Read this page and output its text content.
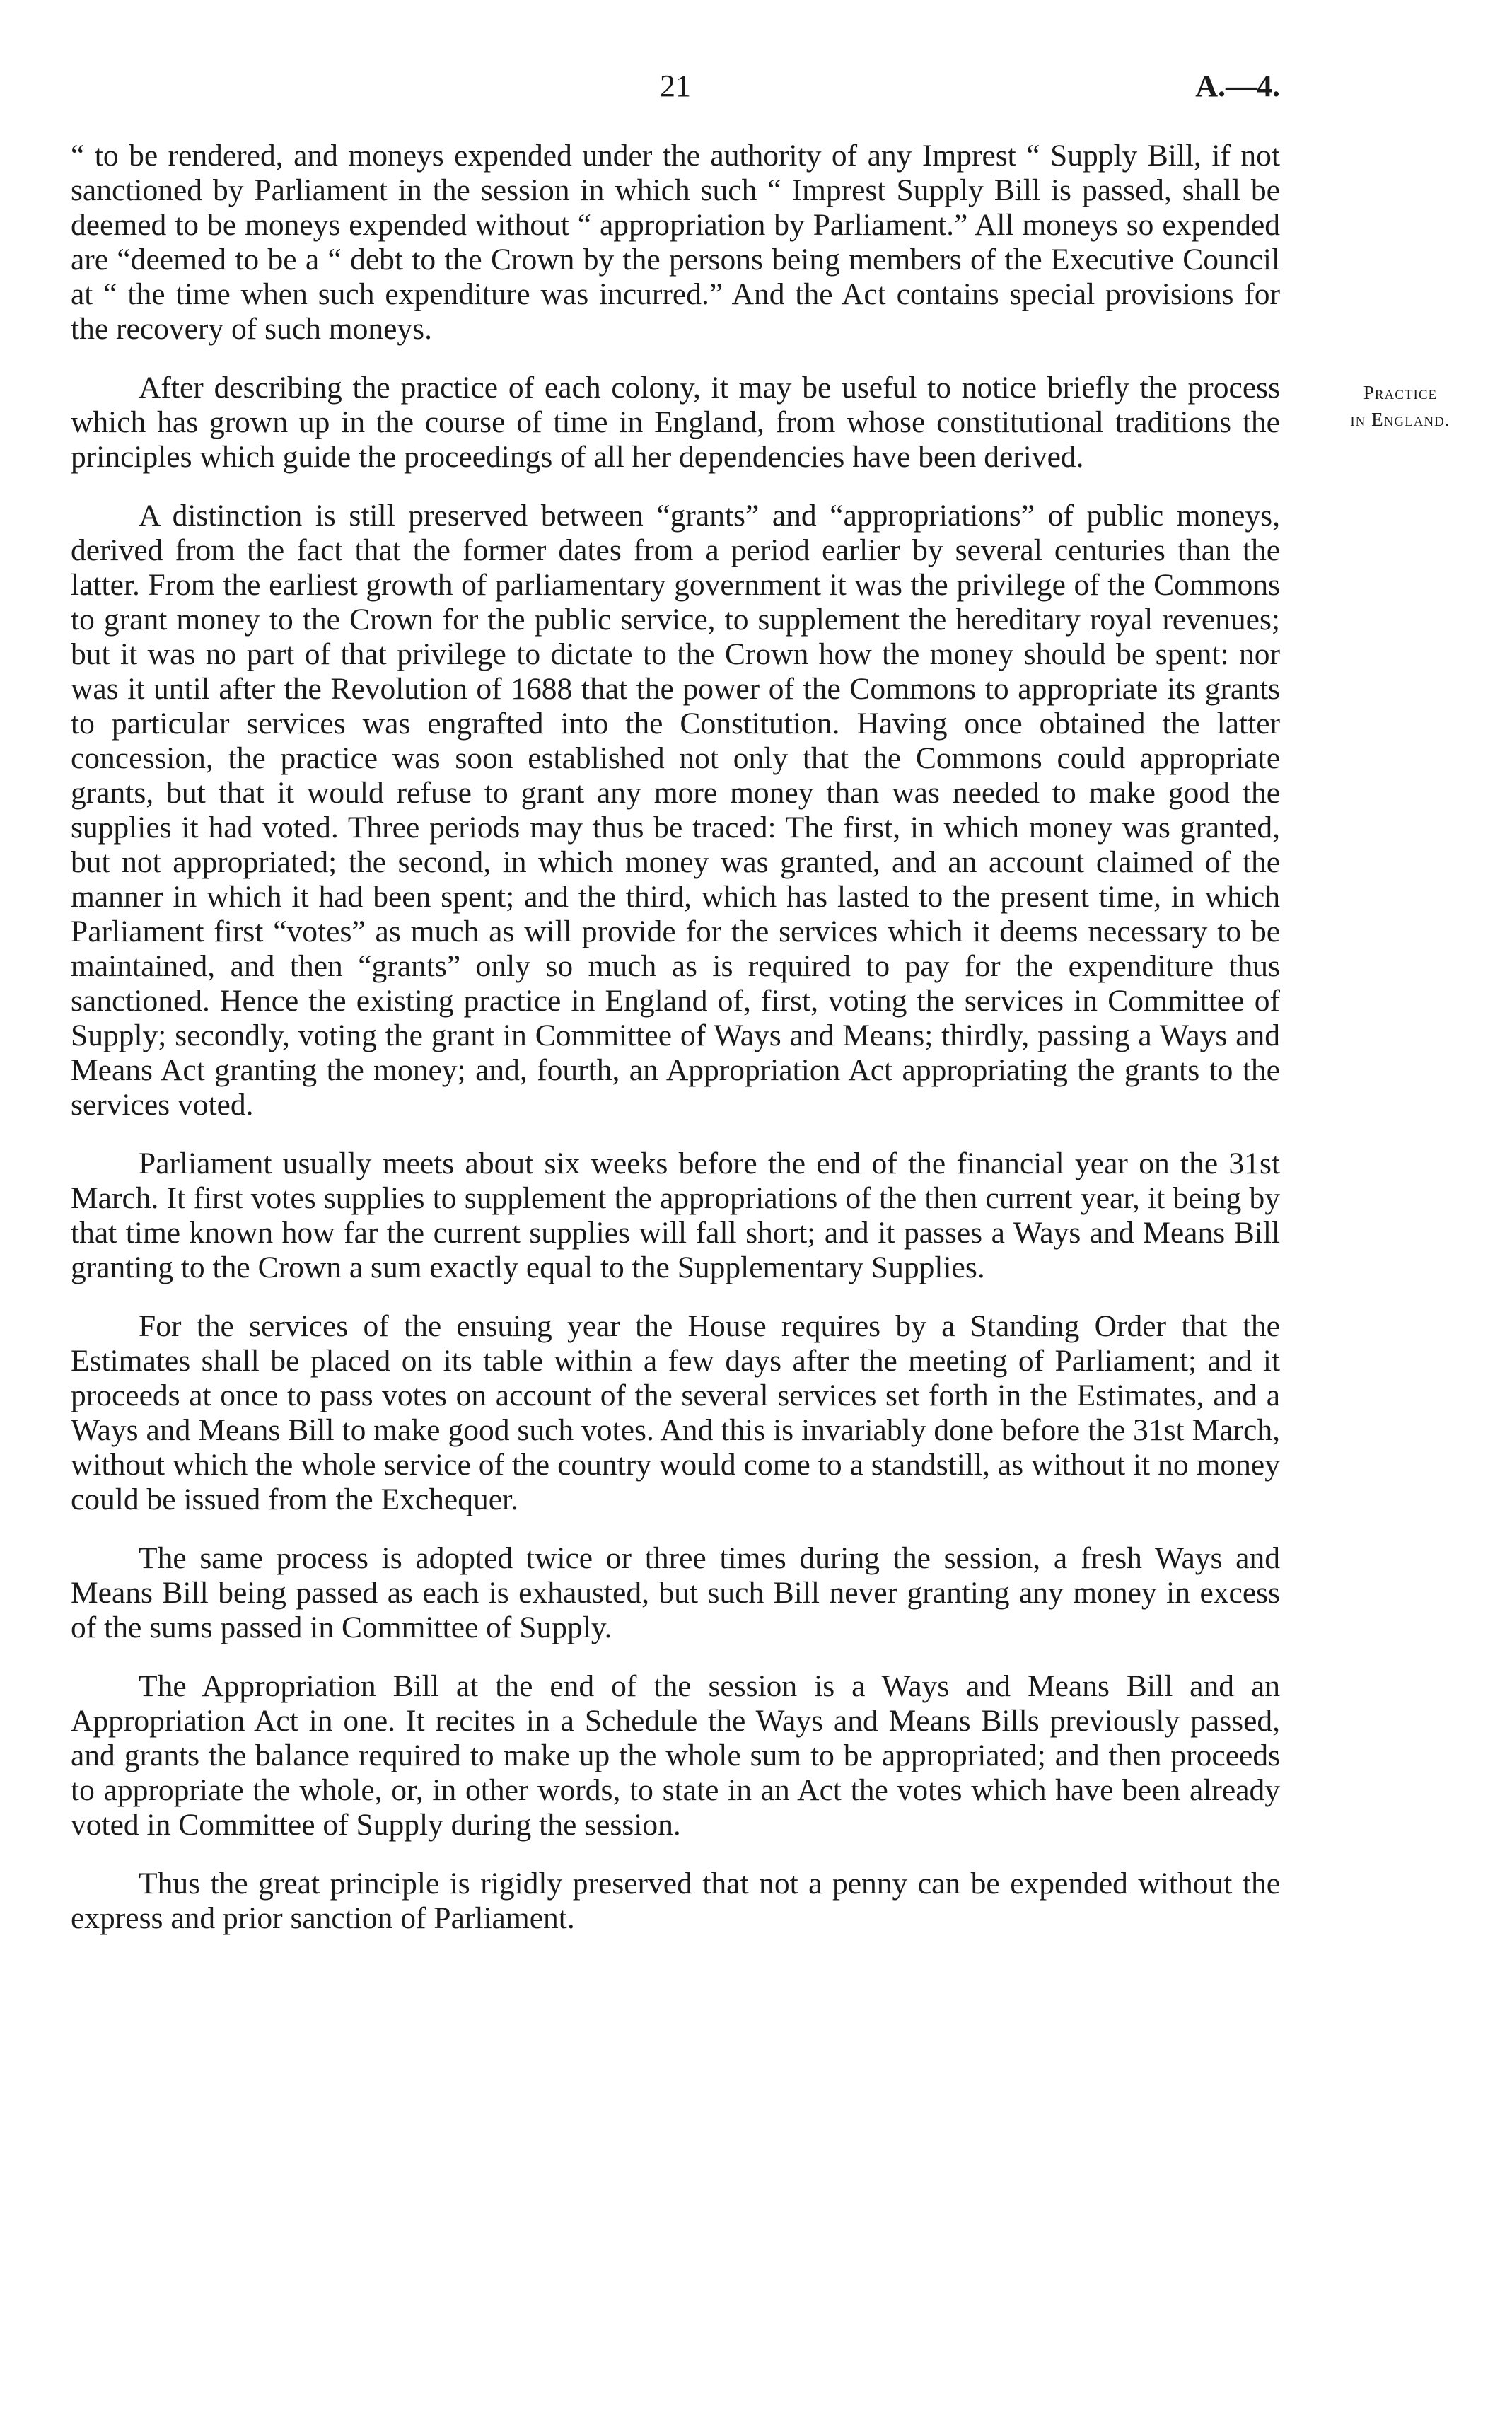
21	A.—4.

“ to be rendered, and moneys expended under the authority of any Imprest “ Supply Bill, if not sanctioned by Parliament in the session in which such “ Imprest Supply Bill is passed, shall be deemed to be moneys expended without “ appropriation by Parliament.” All moneys so expended are “deemed to be a “ debt to the Crown by the persons being members of the Executive Council at “ the time when such expenditure was incurred.” And the Act contains special provisions for the recovery of such moneys.

After describing the practice of each colony, it may be useful to notice briefly the process which has grown up in the course of time in England, from whose constitutional traditions the principles which guide the proceedings of all her dependencies have been derived.

Practice
in England.

A distinction is still preserved between “grants” and “appropriations” of public moneys, derived from the fact that the former dates from a period earlier by several centuries than the latter. From the earliest growth of parliamentary government it was the privilege of the Commons to grant money to the Crown for the public service, to supplement the hereditary royal revenues; but it was no part of that privilege to dictate to the Crown how the money should be spent: nor was it until after the Revolution of 1688 that the power of the Commons to appropriate its grants to particular services was engrafted into the Constitution. Having once obtained the latter concession, the practice was soon established not only that the Commons could appropriate grants, but that it would refuse to grant any more money than was needed to make good the supplies it had voted. Three periods may thus be traced: The first, in which money was granted, but not appropriated; the second, in which money was granted, and an account claimed of the manner in which it had been spent; and the third, which has lasted to the present time, in which Parliament first “votes” as much as will provide for the services which it deems necessary to be maintained, and then “grants” only so much as is required to pay for the expenditure thus sanctioned. Hence the existing practice in England of, first, voting the services in Committee of Supply; secondly, voting the grant in Committee of Ways and Means; thirdly, passing a Ways and Means Act granting the money; and, fourth, an Appropriation Act appropriating the grants to the services voted.

Parliament usually meets about six weeks before the end of the financial year on the 31st March. It first votes supplies to supplement the appropriations of the then current year, it being by that time known how far the current supplies will fall short; and it passes a Ways and Means Bill granting to the Crown a sum exactly equal to the Supplementary Supplies.

For the services of the ensuing year the House requires by a Standing Order that the Estimates shall be placed on its table within a few days after the meeting of Parliament; and it proceeds at once to pass votes on account of the several services set forth in the Estimates, and a Ways and Means Bill to make good such votes. And this is invariably done before the 31st March, without which the whole service of the country would come to a standstill, as without it no money could be issued from the Exchequer.

The same process is adopted twice or three times during the session, a fresh Ways and Means Bill being passed as each is exhausted, but such Bill never granting any money in excess of the sums passed in Committee of Supply.

The Appropriation Bill at the end of the session is a Ways and Means Bill and an Appropriation Act in one. It recites in a Schedule the Ways and Means Bills previously passed, and grants the balance required to make up the whole sum to be appropriated; and then proceeds to appropriate the whole, or, in other words, to state in an Act the votes which have been already voted in Committee of Supply during the session.

Thus the great principle is rigidly preserved that not a penny can be expended without the express and prior sanction of Parliament.
